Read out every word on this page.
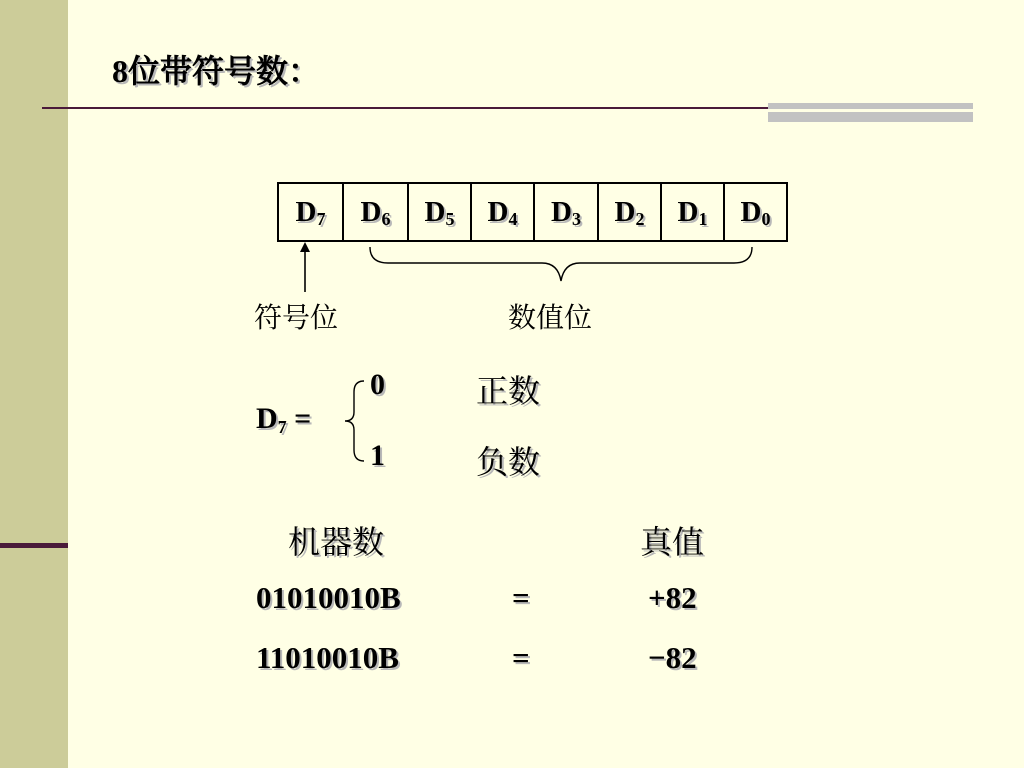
8位带符号数：
$D_7$	$D_6$	$D_5$	$D_4$	$D_3$	$D_2$	$D_1$	$D_0$
符号位	数值位
$D_7$ =
0	正数
1	负数
机器数	真值
01010010B	=	+82
11010010B	=	−82
